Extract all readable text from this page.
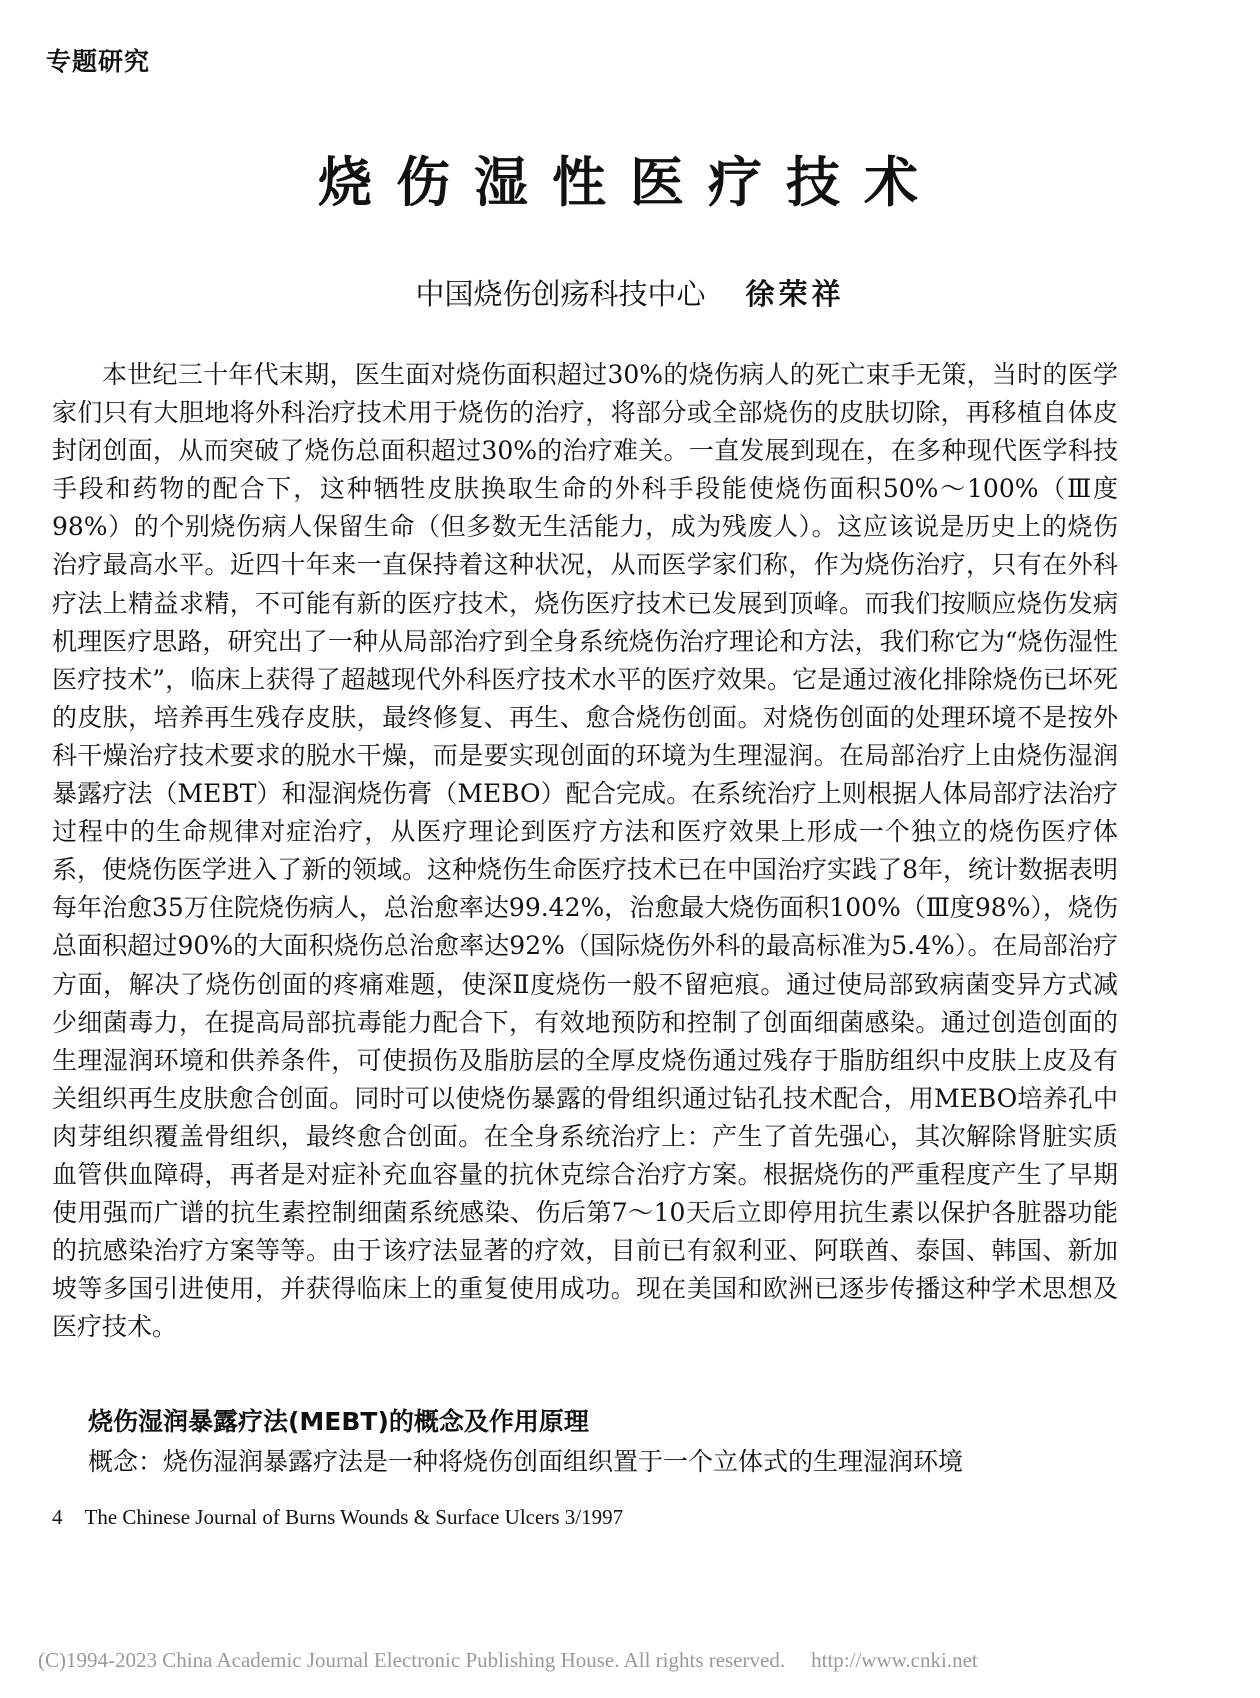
专题研究
烧伤湿性医疗技术
中国烧伤创疡科技中心 徐荣祥

本世纪三十年代末期，医生面对烧伤面积超过30%的烧伤病人的死亡束手无策，当时的医学家们只有大胆地将外科治疗技术用于烧伤的治疗，将部分或全部烧伤的皮肤切除，再移植自体皮封闭创面，从而突破了烧伤总面积超过30%的治疗难关。一直发展到现在，在多种现代医学科技手段和药物的配合下，这种牺牲皮肤换取生命的外科手段能使烧伤面积50%～100%（Ⅲ度98%）的个别烧伤病人保留生命（但多数无生活能力，成为残废人）。这应该说是历史上的烧伤治疗最高水平。近四十年来一直保持着这种状况，从而医学家们称，作为烧伤治疗，只有在外科疗法上精益求精，不可能有新的医疗技术，烧伤医疗技术已发展到顶峰。而我们按顺应烧伤发病机理医疗思路，研究出了一种从局部治疗到全身系统烧伤治疗理论和方法，我们称它为“烧伤湿性医疗技术”，临床上获得了超越现代外科医疗技术水平的医疗效果。它是通过液化排除烧伤已坏死的皮肤，培养再生残存皮肤，最终修复、再生、愈合烧伤创面。对烧伤创面的处理环境不是按外科干燥治疗技术要求的脱水干燥，而是要实现创面的环境为生理湿润。在局部治疗上由烧伤湿润暴露疗法（MEBT）和湿润烧伤膏（MEBO）配合完成。在系统治疗上则根据人体局部疗法治疗过程中的生命规律对症治疗，从医疗理论到医疗方法和医疗效果上形成一个独立的烧伤医疗体系，使烧伤医学进入了新的领域。这种烧伤生命医疗技术已在中国治疗实践了8年，统计数据表明每年治愈35万住院烧伤病人，总治愈率达99.42%，治愈最大烧伤面积100%（Ⅲ度98%），烧伤总面积超过90%的大面积烧伤总治愈率达92%（国际烧伤外科的最高标准为5.4%）。在局部治疗方面，解决了烧伤创面的疼痛难题，使深Ⅱ度烧伤一般不留疤痕。通过使局部致病菌变异方式减少细菌毒力，在提高局部抗毒能力配合下，有效地预防和控制了创面细菌感染。通过创造创面的生理湿润环境和供养条件，可使损伤及脂肪层的全厚皮烧伤通过残存于脂肪组织中皮肤上皮及有关组织再生皮肤愈合创面。同时可以使烧伤暴露的骨组织通过钻孔技术配合，用MEBO培养孔中肉芽组织覆盖骨组织，最终愈合创面。在全身系统治疗上：产生了首先强心，其次解除肾脏实质血管供血障碍，再者是对症补充血容量的抗休克综合治疗方案。根据烧伤的严重程度产生了早期使用强而广谱的抗生素控制细菌系统感染、伤后第7～10天后立即停用抗生素以保护各脏器功能的抗感染治疗方案等等。由于该疗法显著的疗效，目前已有叙利亚、阿联酋、泰国、韩国、新加坡等多国引进使用，并获得临床上的重复使用成功。现在美国和欧洲已逐步传播这种学术思想及医疗技术。

烧伤湿润暴露疗法(MEBT)的概念及作用原理
概念：烧伤湿润暴露疗法是一种将烧伤创面组织置于一个立体式的生理湿润环境
4 The Chinese Journal of Burns Wounds & Surface Ulcers 3/1997
(C)1994-2023 China Academic Journal Electronic Publishing House. All rights reserved. http://www.cnki.net
